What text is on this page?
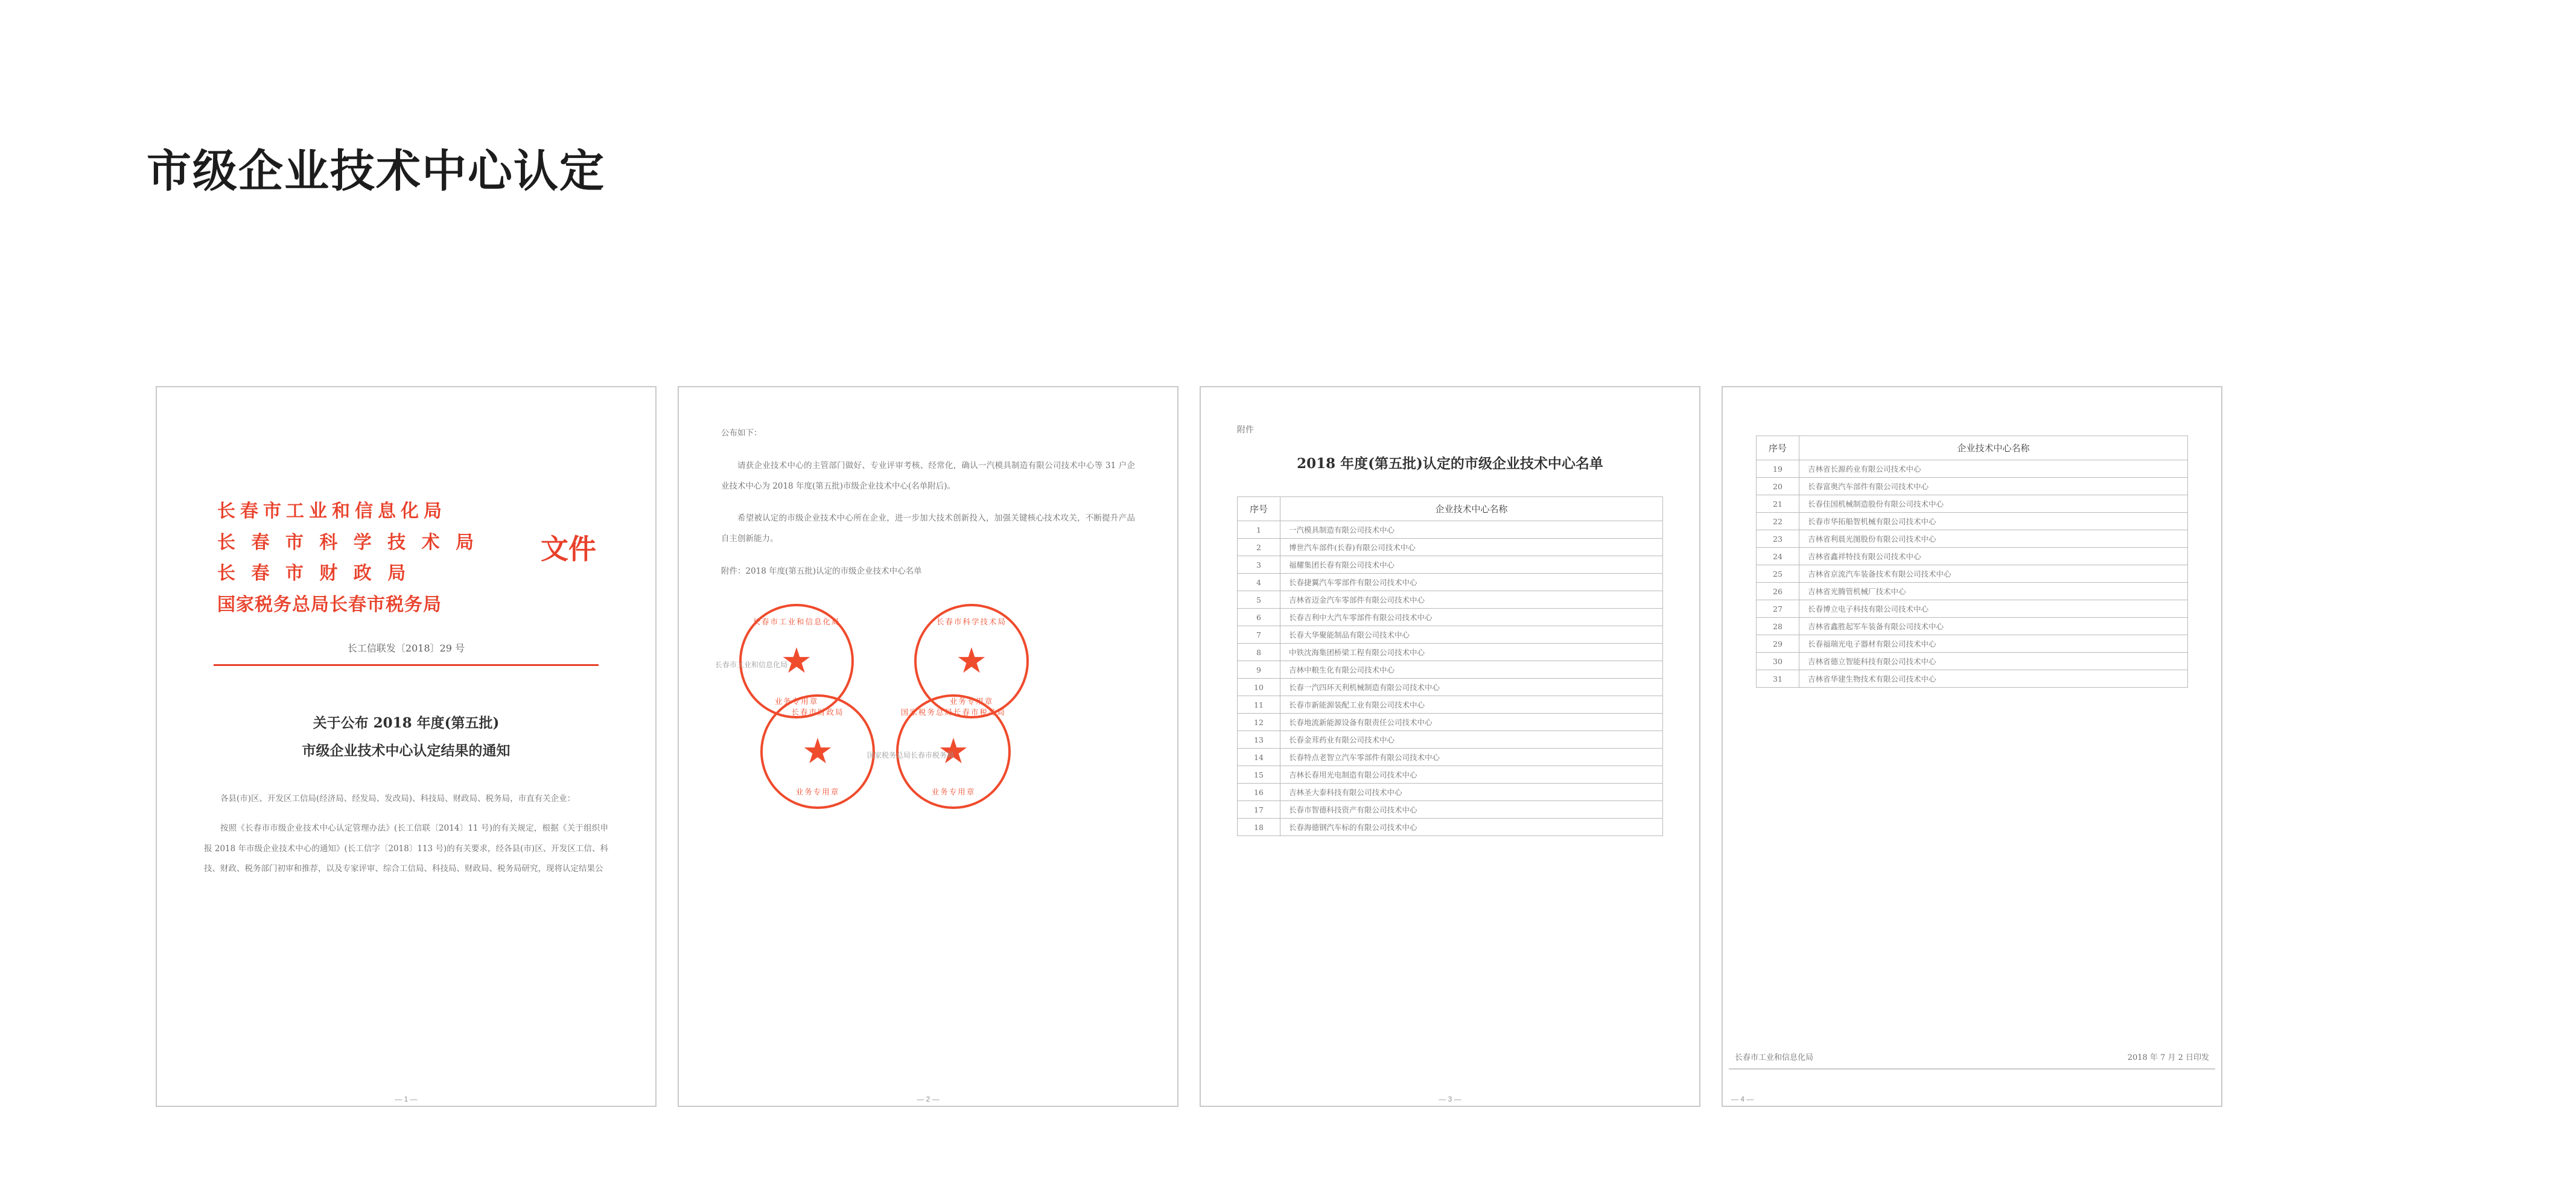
市级企业技术中心认定
长春市工业和信息化局
长 春 市 科 学 技 术 局
长 春 市 财 政 局
国家税务总局长春市税务局
文件
长工信联发〔2018〕29 号
关于公布 2018 年度(第五批)
市级企业技术中心认定结果的通知

各县(市)区、开发区工信局(经济局、经发局、发改局)、科技局、财政局、税务局，市直有关企业：

按照《长春市市级企业技术中心认定管理办法》(长工信联〔2014〕11 号)的有关规定，根据《关于组织申报 2018 年市级企业技术中心的通知》(长工信字〔2018〕113 号)的有关要求，经各县(市)区、开发区工信、科技、财政、税务部门初审和推荐，以及专家评审、综合工信局、科技局、财政局、税务局研究，现将认定结果公

— 1 —

公布如下：

请获企业技术中心的主管部门做好、专业评审考核、经常化，确认一汽模具制造有限公司技术中心等 31 户企业技术中心为 2018 年度(第五批)市级企业技术中心(名单附后)。

希望被认定的市级企业技术中心所在企业，进一步加大技术创新投入，加强关键核心技术攻关，不断提升产品自主创新能力。

附件：2018 年度(第五批)认定的市级企业技术中心名单

长春市工业和信息化局
★
业务专用章
长春市科学技术局
★
业务专用章
长春市财政局
★
业务专用章
国家税务总局长春市税务局
★
业务专用章
长春市工业和信息化局
国家税务总局长春市税务局
— 2 —
附件
2018 年度(第五批)认定的市级企业技术中心名单
序号	企业技术中心名称
1	一汽模具制造有限公司技术中心
2	博世汽车部件(长春)有限公司技术中心
3	福耀集团长春有限公司技术中心
4	长春捷翼汽车零部件有限公司技术中心
5	吉林省迈金汽车零部件有限公司技术中心
6	长春吉利中大汽车零部件有限公司技术中心
7	长春大华聚能制品有限公司技术中心
8	中铁沈海集团桥梁工程有限公司技术中心
9	吉林中粮生化有限公司技术中心
10	长春一汽四环天利机械制造有限公司技术中心
11	长春市新能源装配工业有限公司技术中心
12	长春地流新能源设备有限责任公司技术中心
13	长春金茸药业有限公司技术中心
14	长春特点老智立汽车零部件有限公司技术中心
15	吉林长春用光电制造有限公司技术中心
16	吉林圣大泰科技有限公司技术中心
17	长春市智德科技资产有限公司技术中心
18	长春海德钢汽车标的有限公司技术中心
— 3 —
序号	企业技术中心名称
19	吉林省长源药业有限公司技术中心
20	长春富奥汽车部件有限公司技术中心
21	长春佳国机械制造股份有限公司技术中心
22	长春市华拓船智机械有限公司技术中心
23	吉林省利晨光图股份有限公司技术中心
24	吉林省鑫祥特技有限公司技术中心
25	吉林省京流汽车装备技术有限公司技术中心
26	吉林省光腾管机械厂技术中心
27	长春博立电子科技有限公司技术中心
28	吉林省鑫胜起军车装备有限公司技术中心
29	长春福瑞光电子器材有限公司技术中心
30	吉林省德立智能科技有限公司技术中心
31	吉林省华建生物技术有限公司技术中心
长春市工业和信息化局	2018 年 7 月 2 日印发
— 4 —
